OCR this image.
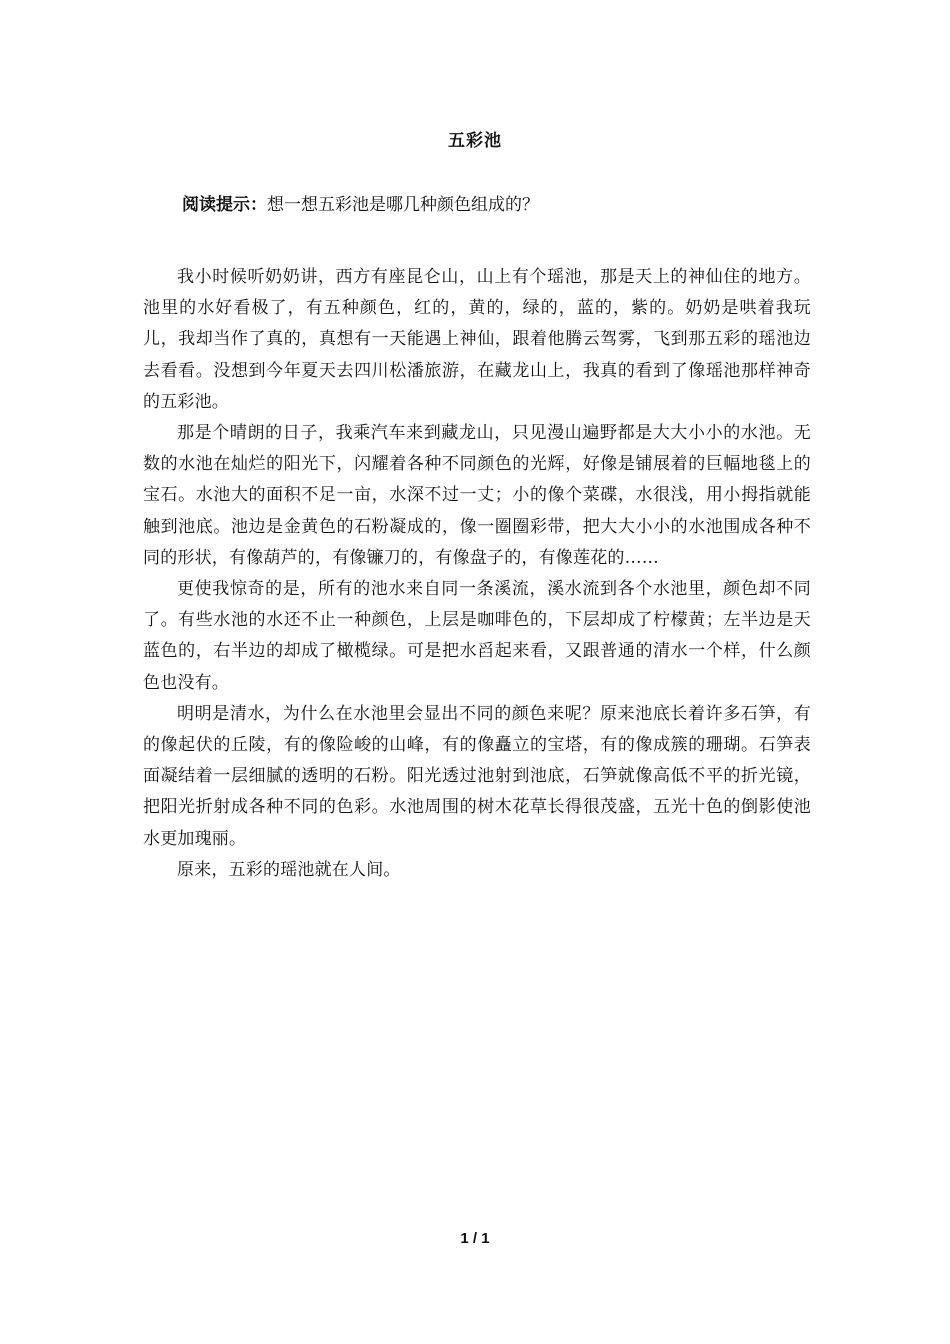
五彩池

阅读提示：想一想五彩池是哪几种颜色组成的？

我小时候听奶奶讲，西方有座昆仑山，山上有个瑶池，那是天上的神仙住的地方。池里的水好看极了，有五种颜色，红的，黄的，绿的，蓝的，紫的。奶奶是哄着我玩儿，我却当作了真的，真想有一天能遇上神仙，跟着他腾云驾雾，飞到那五彩的瑶池边去看看。没想到今年夏天去四川松潘旅游，在藏龙山上，我真的看到了像瑶池那样神奇的五彩池。

那是个晴朗的日子，我乘汽车来到藏龙山，只见漫山遍野都是大大小小的水池。无数的水池在灿烂的阳光下，闪耀着各种不同颜色的光辉，好像是铺展着的巨幅地毯上的宝石。水池大的面积不足一亩，水深不过一丈；小的像个菜碟，水很浅，用小拇指就能触到池底。池边是金黄色的石粉凝成的，像一圈圈彩带，把大大小小的水池围成各种不同的形状，有像葫芦的，有像镰刀的，有像盘子的，有像莲花的……

更使我惊奇的是，所有的池水来自同一条溪流，溪水流到各个水池里，颜色却不同了。有些水池的水还不止一种颜色，上层是咖啡色的，下层却成了柠檬黄；左半边是天蓝色的，右半边的却成了橄榄绿。可是把水舀起来看，又跟普通的清水一个样，什么颜色也没有。

明明是清水，为什么在水池里会显出不同的颜色来呢？原来池底长着许多石笋，有的像起伏的丘陵，有的像险峻的山峰，有的像矗立的宝塔，有的像成簇的珊瑚。石笋表面凝结着一层细腻的透明的石粉。阳光透过池射到池底，石笋就像高低不平的折光镜，把阳光折射成各种不同的色彩。水池周围的树木花草长得很茂盛，五光十色的倒影使池水更加瑰丽。

原来，五彩的瑶池就在人间。

1 / 1
